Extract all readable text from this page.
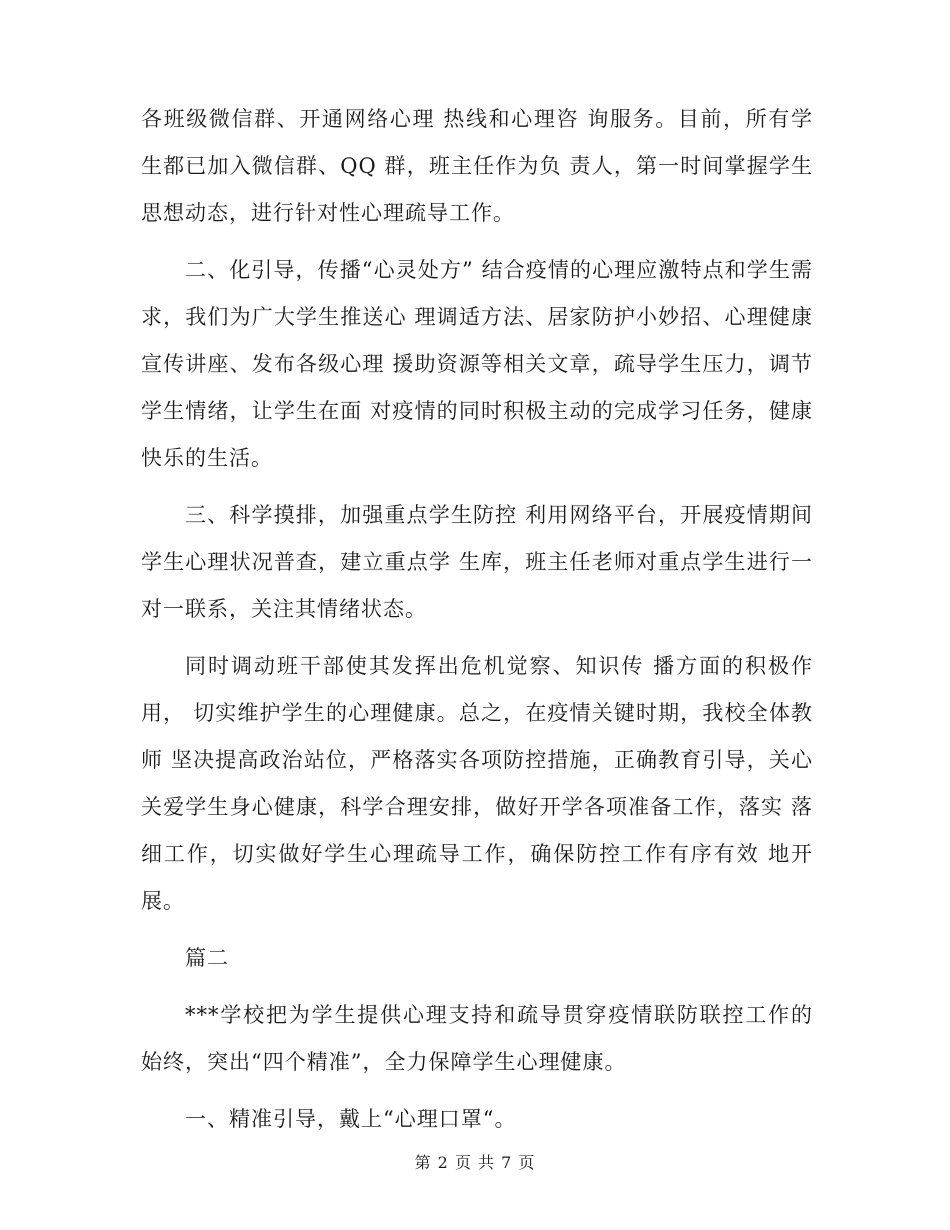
各班级微信群、开通网络心理 热线和心理咨 询服务。目前，所有学生都已加入微信群、QQ 群，班主任作为负 责人，第一时间掌握学生思想动态，进行针对性心理疏导工作。

二、化引导，传播“心灵处方” 结合疫情的心理应激特点和学生需求，我们为广大学生推送心 理调适方法、居家防护小妙招、心理健康宣传讲座、发布各级心理 援助资源等相关文章，疏导学生压力，调节学生情绪，让学生在面 对疫情的同时积极主动的完成学习任务，健康快乐的生活。

三、科学摸排，加强重点学生防控 利用网络平台，开展疫情期间学生心理状况普查，建立重点学 生库，班主任老师对重点学生进行一对一联系，关注其情绪状态。

同时调动班干部使其发挥出危机觉察、知识传 播方面的积极作用， 切实维护学生的心理健康。总之，在疫情关键时期，我校全体教师 坚决提高政治站位，严格落实各项防控措施，正确教育引导，关心 关爱学生身心健康，科学合理安排，做好开学各项准备工作，落实 落细工作，切实做好学生心理疏导工作，确保防控工作有序有效 地开展。

篇二

***学校把为学生提供心理支持和疏导贯穿疫情联防联控工作的 始终，突出“四个精准”，全力保障学生心理健康。

一、精准引导，戴上“心理口罩“。

第 2 页 共 7 页
